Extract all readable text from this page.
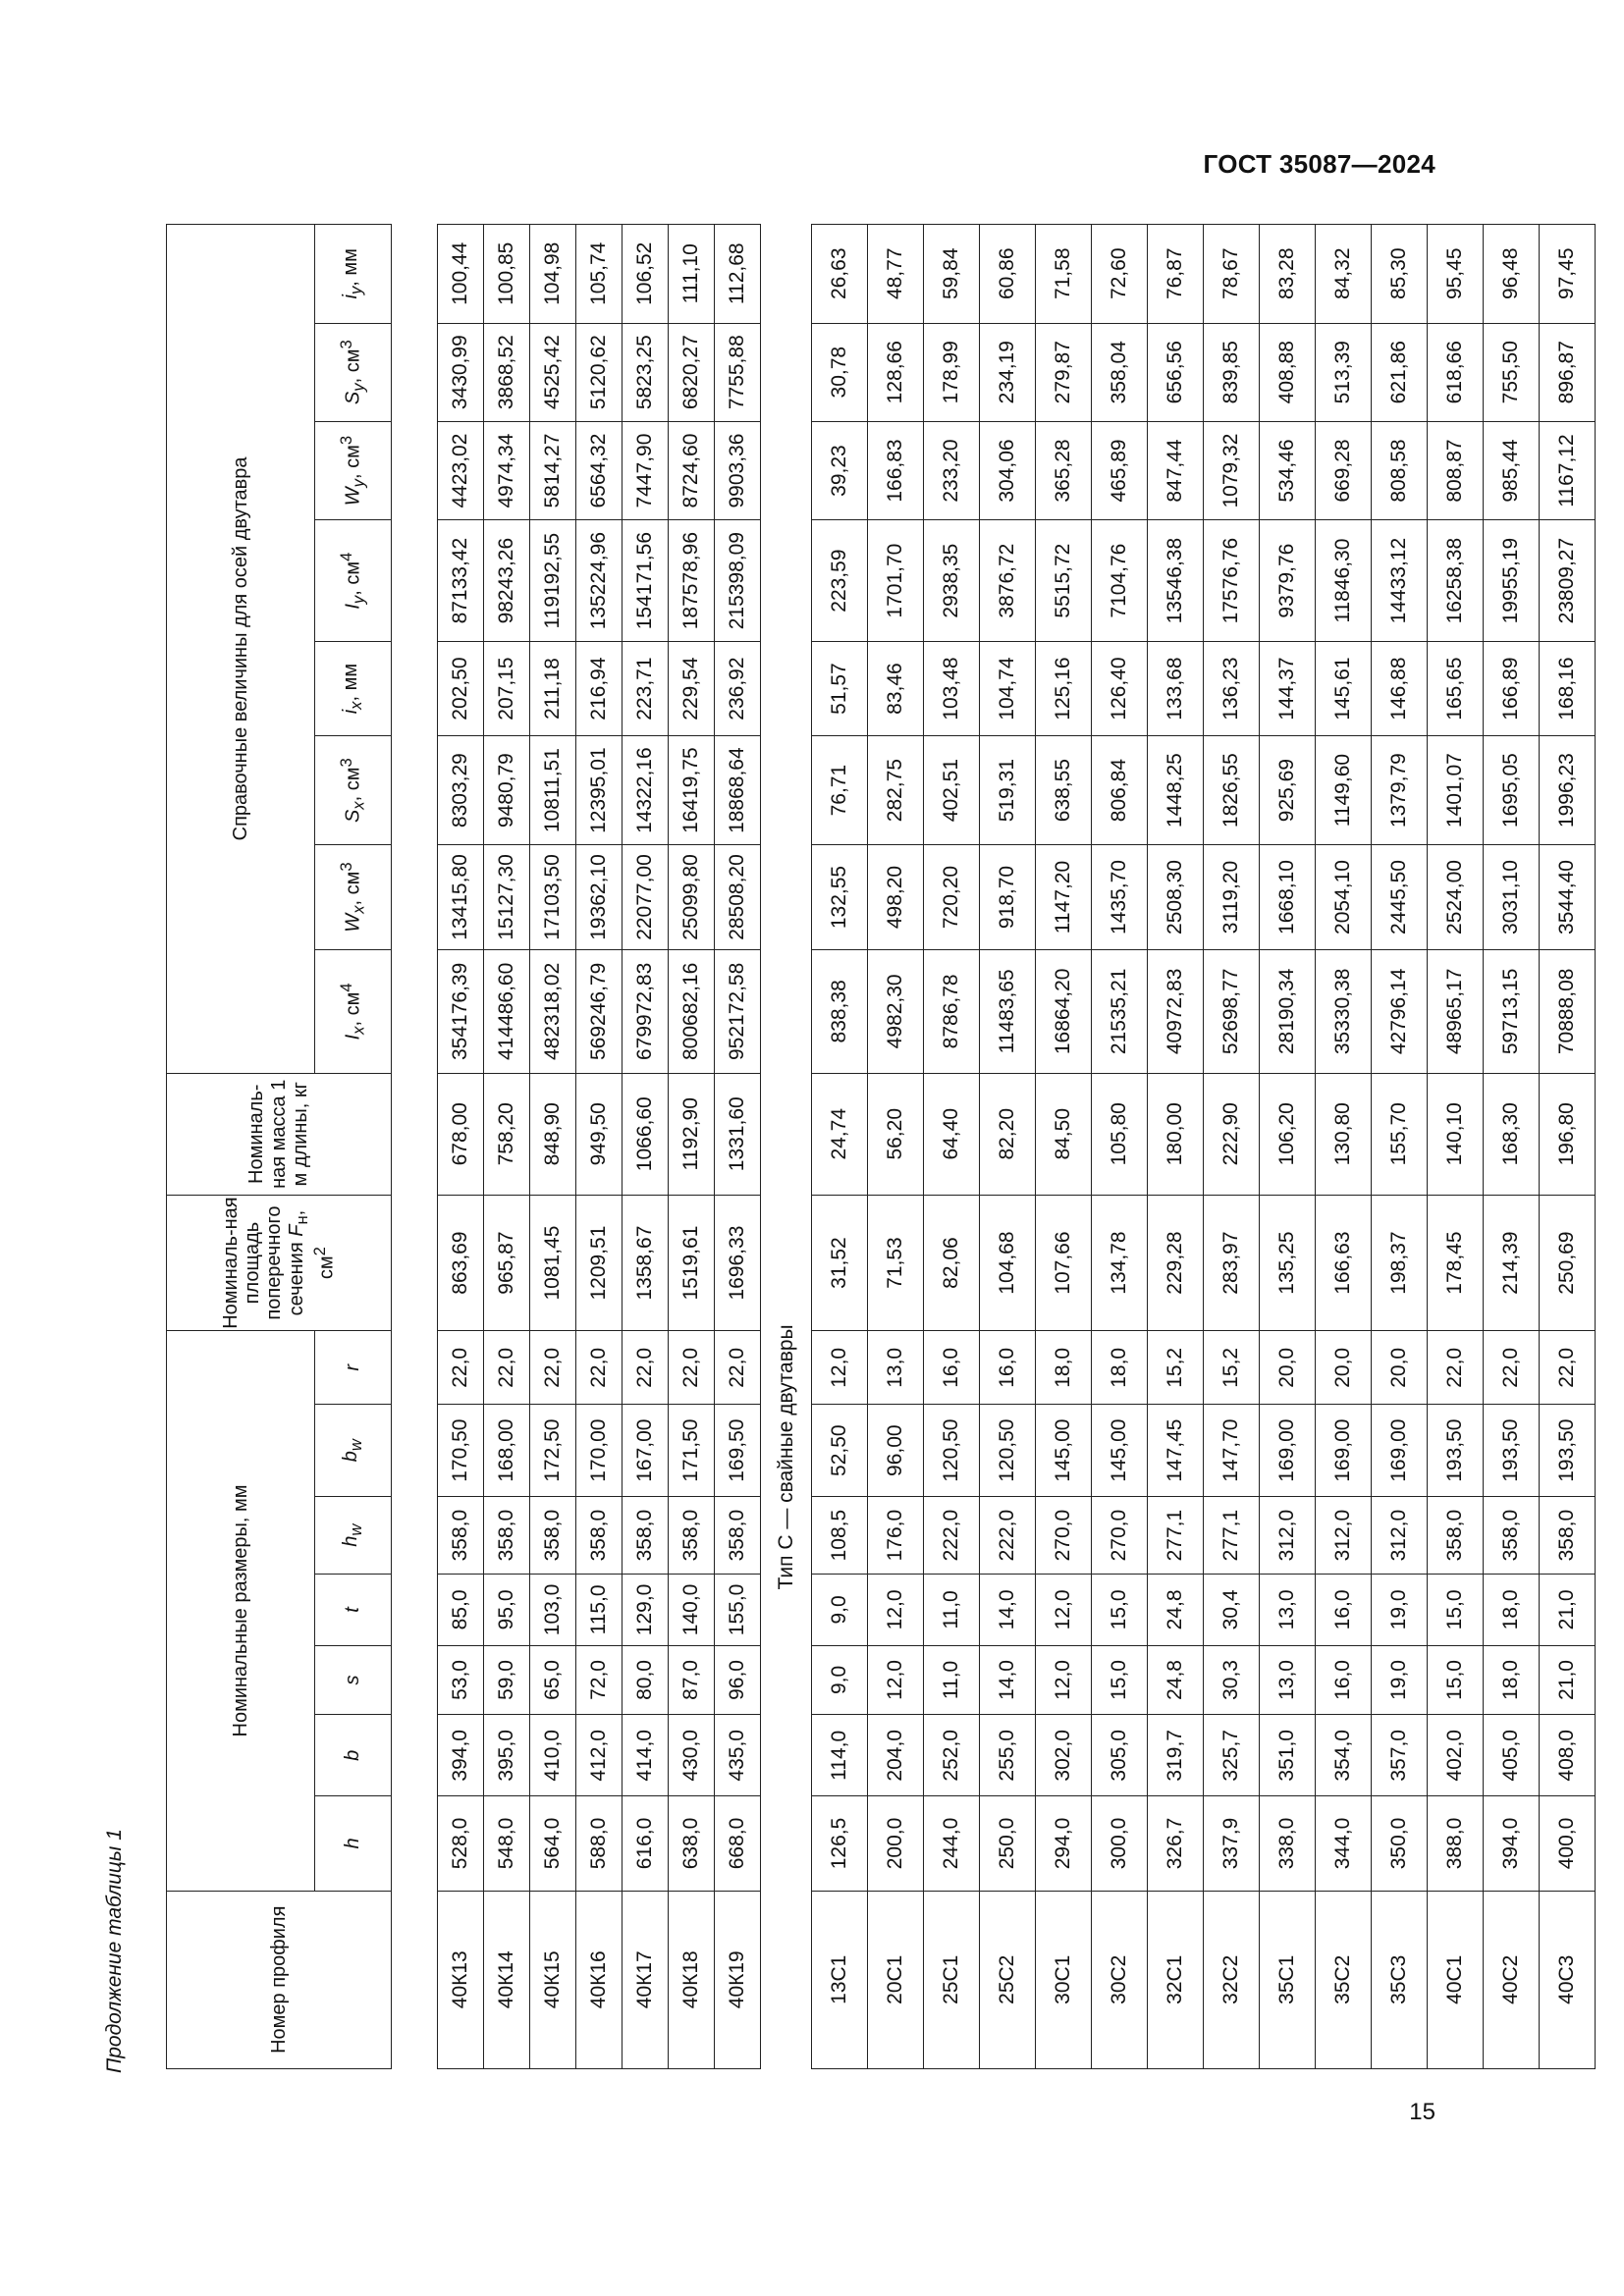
ГОСТ 35087—2024
Продолжение таблицы 1
15
Номер профиля	Номинальные размеры, мм							Номиналь-ная площадь поперечного сечения $F_н$, $см^2$	Номиналь-ная масса 1 м длины, кг	Справочные величины для осей двутавра							
	h	b	s	t	$h_w$	$b_w$	r			$I_x$, $см^4$	$W_x$, $см^3$	$S_x$, $см^3$	$i_x$, мм	$I_y$, $см^4$	$W_y$, $см^3$	$S_y$, $см^3$	$i_y$, мм

40К13	528,0	394,0	53,0	85,0	358,0	170,50	22,0	863,69	678,00	354176,39	13415,80	8303,29	202,50	87133,42	4423,02	3430,99	100,44
40К14	548,0	395,0	59,0	95,0	358,0	168,00	22,0	965,87	758,20	414486,60	15127,30	9480,79	207,15	98243,26	4974,34	3868,52	100,85
40К15	564,0	410,0	65,0	103,0	358,0	172,50	22,0	1081,45	848,90	482318,02	17103,50	10811,51	211,18	119192,55	5814,27	4525,42	104,98
40К16	588,0	412,0	72,0	115,0	358,0	170,00	22,0	1209,51	949,50	569246,79	19362,10	12395,01	216,94	135224,96	6564,32	5120,62	105,74
40К17	616,0	414,0	80,0	129,0	358,0	167,00	22,0	1358,67	1066,60	679972,83	22077,00	14322,16	223,71	154171,56	7447,90	5823,25	106,52
40К18	638,0	430,0	87,0	140,0	358,0	171,50	22,0	1519,61	1192,90	800682,16	25099,80	16419,75	229,54	187578,96	8724,60	6820,27	111,10
40К19	668,0	435,0	96,0	155,0	358,0	169,50	22,0	1696,33	1331,60	952172,58	28508,20	18868,64	236,92	215398,09	9903,36	7755,88	112,68
Тип С — свайные двутавры																	
13С1	126,5	114,0	9,0	9,0	108,5	52,50	12,0	31,52	24,74	838,38	132,55	76,71	51,57	223,59	39,23	30,78	26,63
20С1	200,0	204,0	12,0	12,0	176,0	96,00	13,0	71,53	56,20	4982,30	498,20	282,75	83,46	1701,70	166,83	128,66	48,77
25С1	244,0	252,0	11,0	11,0	222,0	120,50	16,0	82,06	64,40	8786,78	720,20	402,51	103,48	2938,35	233,20	178,99	59,84
25С2	250,0	255,0	14,0	14,0	222,0	120,50	16,0	104,68	82,20	11483,65	918,70	519,31	104,74	3876,72	304,06	234,19	60,86
30С1	294,0	302,0	12,0	12,0	270,0	145,00	18,0	107,66	84,50	16864,20	1147,20	638,55	125,16	5515,72	365,28	279,87	71,58
30С2	300,0	305,0	15,0	15,0	270,0	145,00	18,0	134,78	105,80	21535,21	1435,70	806,84	126,40	7104,76	465,89	358,04	72,60
32С1	326,7	319,7	24,8	24,8	277,1	147,45	15,2	229,28	180,00	40972,83	2508,30	1448,25	133,68	13546,38	847,44	656,56	76,87
32С2	337,9	325,7	30,3	30,4	277,1	147,70	15,2	283,97	222,90	52698,77	3119,20	1826,55	136,23	17576,76	1079,32	839,85	78,67
35С1	338,0	351,0	13,0	13,0	312,0	169,00	20,0	135,25	106,20	28190,34	1668,10	925,69	144,37	9379,76	534,46	408,88	83,28
35С2	344,0	354,0	16,0	16,0	312,0	169,00	20,0	166,63	130,80	35330,38	2054,10	1149,60	145,61	11846,30	669,28	513,39	84,32
35С3	350,0	357,0	19,0	19,0	312,0	169,00	20,0	198,37	155,70	42796,14	2445,50	1379,79	146,88	14433,12	808,58	621,86	85,30
40С1	388,0	402,0	15,0	15,0	358,0	193,50	22,0	178,45	140,10	48965,17	2524,00	1401,07	165,65	16258,38	808,87	618,66	95,45
40С2	394,0	405,0	18,0	18,0	358,0	193,50	22,0	214,39	168,30	59713,15	3031,10	1695,05	166,89	19955,19	985,44	755,50	96,48
40С3	400,0	408,0	21,0	21,0	358,0	193,50	22,0	250,69	196,80	70888,08	3544,40	1996,23	168,16	23809,27	1167,12	896,87	97,45
